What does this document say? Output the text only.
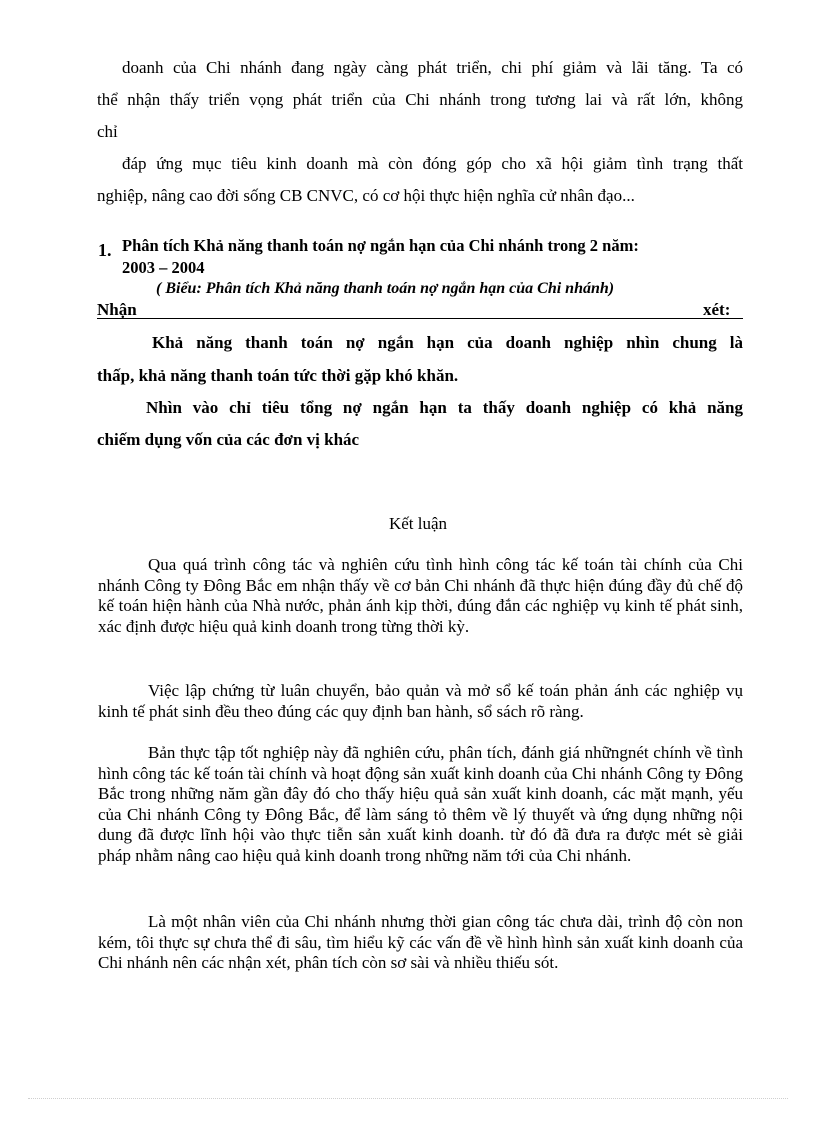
doanh của Chi nhánh đang ngày càng phát triển, chi phí giảm và lãi tăng. Ta có

thể nhận thấy triển vọng phát triển của Chi nhánh trong tương lai và rất lớn, không

chỉ

đáp ứng mục tiêu kinh doanh mà còn đóng góp cho xã hội giảm tình trạng thất

nghiệp, nâng cao đời sống CB CNVC, có cơ hội thực hiện nghĩa cử nhân đạo...

1. Phân tích Khả năng thanh toán nợ ngắn hạn của Chi nhánh trong 2 năm:

2003 – 2004

( Biểu: Phân tích Khả năng thanh toán nợ ngắn hạn của Chi nhánh)

Nhận	xét:

Khả năng thanh toán nợ ngắn hạn của doanh nghiệp nhìn chung là

thấp, khả năng thanh toán tức thời gặp khó khăn.

Nhìn vào chỉ tiêu tổng nợ ngắn hạn ta thấy doanh nghiệp có khả năng

chiếm dụng vốn của các đơn vị khác

Kết luận

Qua quá trình công tác và nghiên cứu tình hình công tác kế toán tài chính của Chi nhánh Công ty Đông Bắc em nhận thấy về cơ bản Chi nhánh đã thực hiện đúng đầy đủ chế độ kế toán hiện hành của Nhà nước, phản ánh kịp thời, đúng đắn các nghiệp vụ kinh tế phát sinh, xác định được hiệu quả kinh doanh trong từng thời kỳ.

Việc lập chứng từ luân chuyển, bảo quản và mở sổ kế toán phản ánh các nghiệp vụ kinh tế phát sinh đều theo đúng các quy định ban hành, sổ sách rõ ràng.

Bản thực tập tốt nghiệp này đã nghiên cứu, phân tích, đánh giá nhữngnét chính về tình hình công tác kế toán tài chính và hoạt động sản xuất kinh doanh của Chi nhánh Công ty Đông Bắc trong những năm gần đây đó cho thấy hiệu quả sản xuất kinh doanh, các mặt mạnh, yếu của Chi nhánh Công ty Đông Bắc, để làm sáng tỏ thêm về lý thuyết và ứng dụng những nội dung đã được lĩnh hội vào thực tiễn sản xuất kinh doanh. từ đó đã đưa ra được mét sè giải pháp nhằm nâng cao hiệu quả kinh doanh trong những năm tới của Chi nhánh.

Là một nhân viên của Chi nhánh nhưng thời gian công tác chưa dài, trình độ còn non kém, tôi thực sự chưa thể đi sâu, tìm hiểu kỹ các vấn đề về hình hình sản xuất kinh doanh của Chi nhánh nên các nhận xét, phân tích còn sơ sài và nhiều thiếu sót.
